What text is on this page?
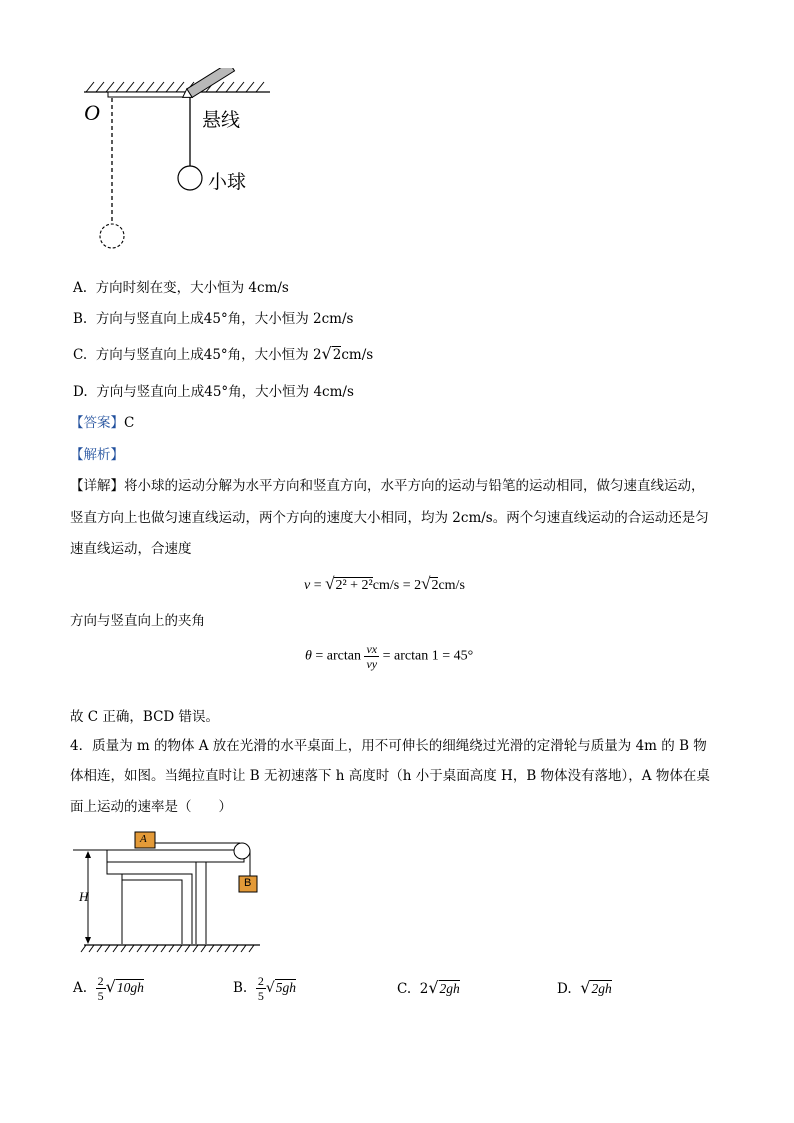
O	悬线
小球
A. 方向时刻在变，大小恒为 4cm/s
B. 方向与竖直向上成45°角，大小恒为 2cm/s
C. 方向与竖直向上成45°角，大小恒为 2√2cm/s
D. 方向与竖直向上成45°角，大小恒为 4cm/s
【答案】C
【解析】
【详解】将小球的运动分解为水平方向和竖直方向，水平方向的运动与铅笔的运动相同，做匀速直线运动，
竖直方向上也做匀速直线运动，两个方向的速度大小相同，均为 2cm/s。两个匀速直线运动的合运动还是匀
速直线运动，合速度
v = √2² + 2²cm/s = 2√2cm/s
方向与竖直向上的夹角
$\theta = \arctan \frac{vx}{vy} = \arctan 1 = 45^\circ$
故 C 正确，BCD 错误。
4．质量为 m 的物体 A 放在光滑的水平桌面上，用不可伸长的细绳绕过光滑的定滑轮与质量为 4m 的 B 物
体相连，如图。当绳拉直时让 B 无初速落下 h 高度时（h 小于桌面高度 H，B 物体没有落地），A 物体在桌
面上运动的速率是（　　）
A
B
H
A. $\frac{2}{5} √10gh$	B. $\frac{2}{5} √5gh$	C. 2√2gh	D. √2gh
